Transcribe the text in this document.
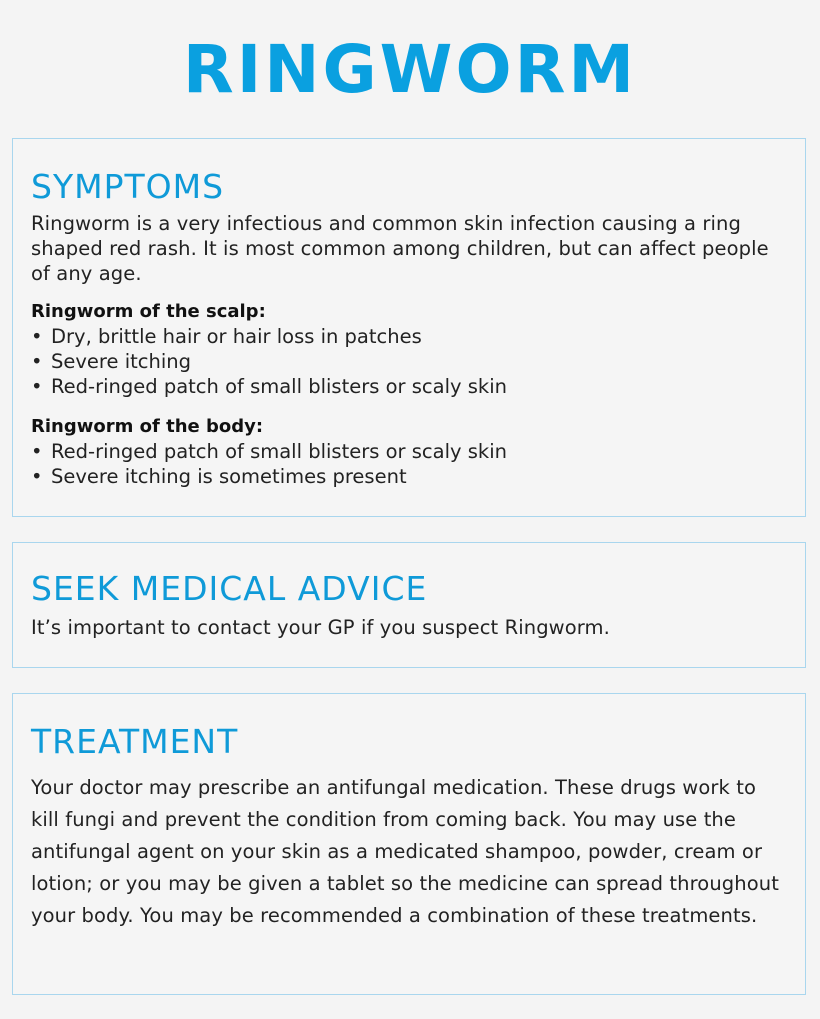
RINGWORM
SYMPTOMS

Ringworm is a very infectious and common skin infection causing a ring shaped red rash. It is most common among children, but can affect people of any age.

Ringworm of the scalp:
• Dry, brittle hair or hair loss in patches
• Severe itching
• Red-ringed patch of small blisters or scaly skin
Ringworm of the body:
• Red-ringed patch of small blisters or scaly skin
• Severe itching is sometimes present
SEEK MEDICAL ADVICE

It’s important to contact your GP if you suspect Ringworm.

TREATMENT

Your doctor may prescribe an antifungal medication. These drugs work to kill fungi and prevent the condition from coming back. You may use the antifungal agent on your skin as a medicated shampoo, powder, cream or lotion; or you may be given a tablet so the medicine can spread throughout your body. You may be recommended a combination of these treatments.
